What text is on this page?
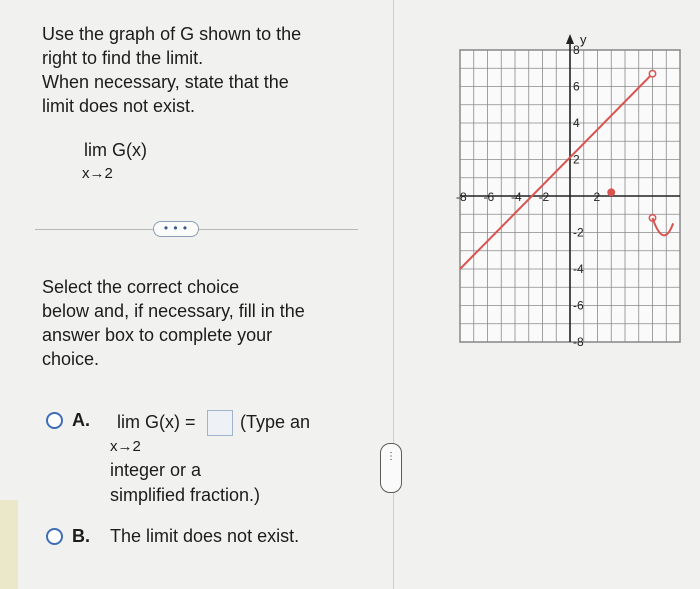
Use the graph of G shown to the
right to find the limit.
When necessary, state that the
limit does not exist.
lim G(x)
x→2
• • •
Select the correct choice
below and, if necessary, fill in the
answer box to complete your
choice.
A. lim G(x) = (Type an
x→2
integer or a
simplified fraction.)
B. The limit does not exist.
⋮
y
-8 -6 -4 -2	2
8
6
4
2
-2
-4
-6
-8
